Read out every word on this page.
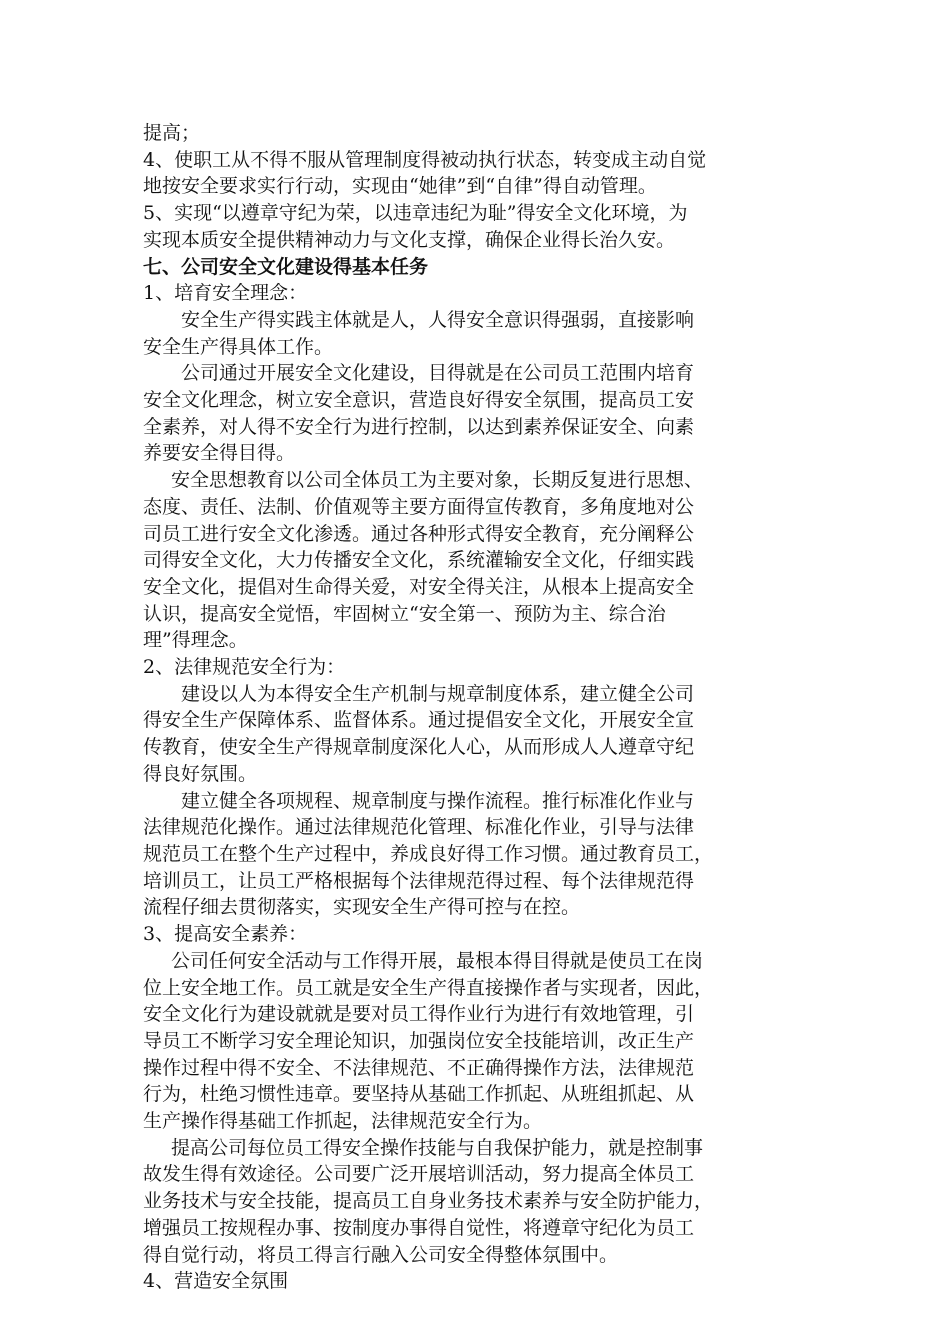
提高；
4、使职工从不得不服从管理制度得被动执行状态，转变成主动自觉
地按安全要求实行行动，实现由“她律”到“自律”得自动管理。
5、实现“以遵章守纪为荣，以违章违纪为耻”得安全文化环境，为
实现本质安全提供精神动力与文化支撑，确保企业得长治久安。
七、公司安全文化建设得基本任务
1、培育安全理念：
安全生产得实践主体就是人，人得安全意识得强弱，直接影响
安全生产得具体工作。
公司通过开展安全文化建设，目得就是在公司员工范围内培育
安全文化理念，树立安全意识，营造良好得安全氛围，提高员工安
全素养，对人得不安全行为进行控制，以达到素养保证安全、向素
养要安全得目得。
安全思想教育以公司全体员工为主要对象，长期反复进行思想、
态度、责任、法制、价值观等主要方面得宣传教育，多角度地对公
司员工进行安全文化渗透。通过各种形式得安全教育，充分阐释公
司得安全文化，大力传播安全文化，系统灌输安全文化，仔细实践
安全文化，提倡对生命得关爱，对安全得关注，从根本上提高安全
认识，提高安全觉悟，牢固树立“安全第一、预防为主、综合治
理”得理念。
2、法律规范安全行为：
建设以人为本得安全生产机制与规章制度体系，建立健全公司
得安全生产保障体系、监督体系。通过提倡安全文化，开展安全宣
传教育，使安全生产得规章制度深化人心，从而形成人人遵章守纪
得良好氛围。
建立健全各项规程、规章制度与操作流程。推行标准化作业与
法律规范化操作。通过法律规范化管理、标准化作业，引导与法律
规范员工在整个生产过程中，养成良好得工作习惯。通过教育员工，
培训员工，让员工严格根据每个法律规范得过程、每个法律规范得
流程仔细去贯彻落实，实现安全生产得可控与在控。
3、提高安全素养：
公司任何安全活动与工作得开展，最根本得目得就是使员工在岗
位上安全地工作。员工就是安全生产得直接操作者与实现者，因此，
安全文化行为建设就就是要对员工得作业行为进行有效地管理，引
导员工不断学习安全理论知识，加强岗位安全技能培训，改正生产
操作过程中得不安全、不法律规范、不正确得操作方法，法律规范
行为，杜绝习惯性违章。要坚持从基础工作抓起、从班组抓起、从
生产操作得基础工作抓起，法律规范安全行为。
提高公司每位员工得安全操作技能与自我保护能力，就是控制事
故发生得有效途径。公司要广泛开展培训活动，努力提高全体员工
业务技术与安全技能，提高员工自身业务技术素养与安全防护能力，
增强员工按规程办事、按制度办事得自觉性，将遵章守纪化为员工
得自觉行动，将员工得言行融入公司安全得整体氛围中。
4、营造安全氛围
